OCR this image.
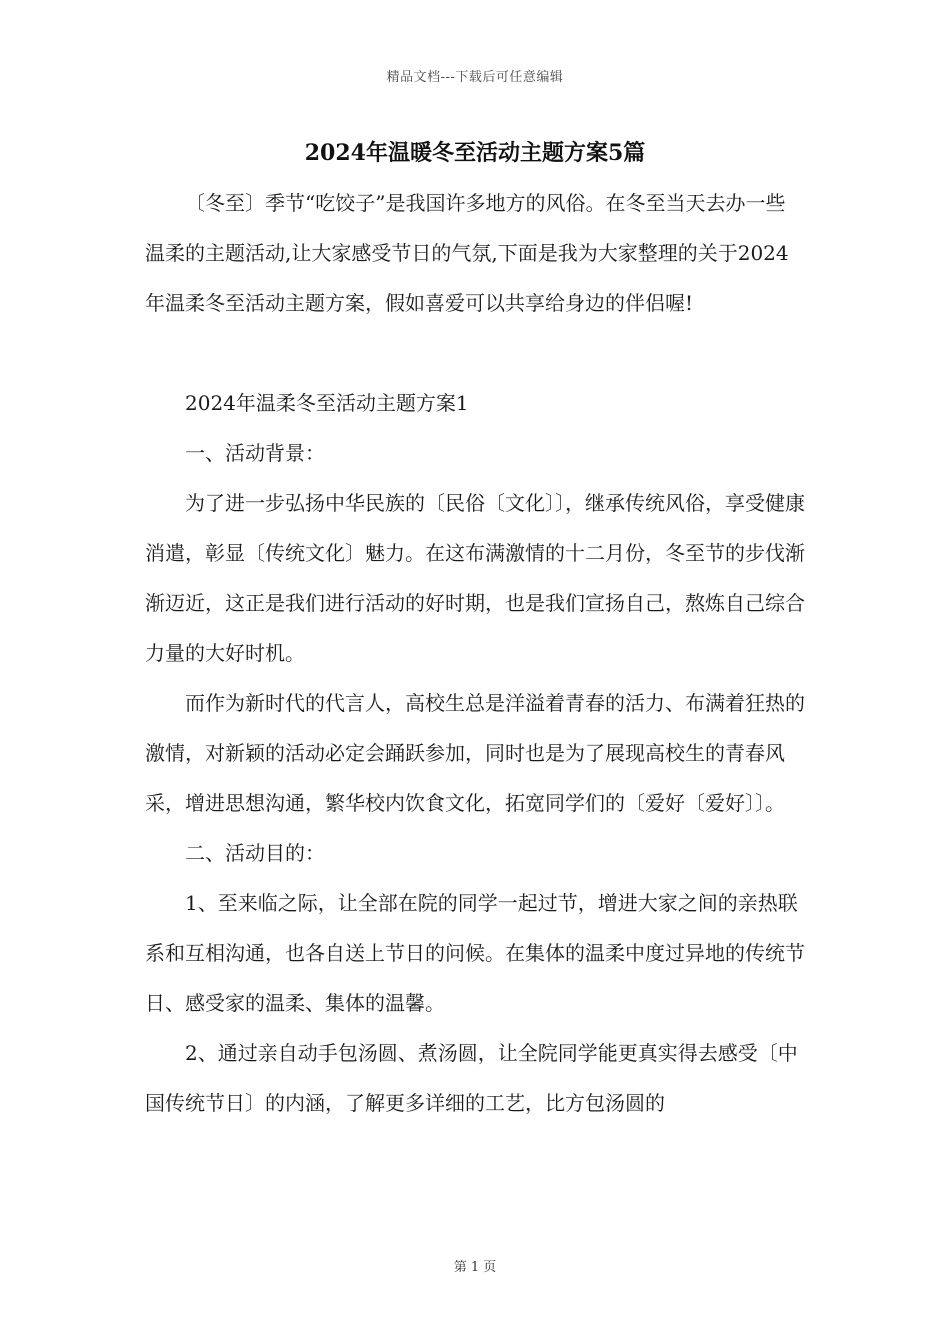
精品文档---下载后可任意编辑
2024年温暖冬至活动主题方案5篇

〔冬至〕季节“吃饺子”是我国许多地方的风俗。在冬至当天去办一些温柔的主题活动,让大家感受节日的气氛,下面是我为大家整理的关于2024年温柔冬至活动主题方案，假如喜爱可以共享给身边的伴侣喔!

2024年温柔冬至活动主题方案1

一、活动背景：

为了进一步弘扬中华民族的〔民俗〔文化〕〕，继承传统风俗，享受健康消遣，彰显〔传统文化〕魅力。在这布满激情的十二月份，冬至节的步伐渐渐迈近，这正是我们进行活动的好时期，也是我们宣扬自己，熬炼自己综合力量的大好时机。

而作为新时代的代言人，高校生总是洋溢着青春的活力、布满着狂热的激情，对新颖的活动必定会踊跃参加，同时也是为了展现高校生的青春风采，增进思想沟通，繁华校内饮食文化，拓宽同学们的〔爱好〔爱好〕〕。

二、活动目的：

1、至来临之际，让全部在院的同学一起过节，增进大家之间的亲热联系和互相沟通，也各自送上节日的问候。在集体的温柔中度过异地的传统节日、感受家的温柔、集体的温馨。

2、通过亲自动手包汤圆、煮汤圆，让全院同学能更真实得去感受〔中国传统节日〕的内涵，了解更多详细的工艺，比方包汤圆的

第 1 页
